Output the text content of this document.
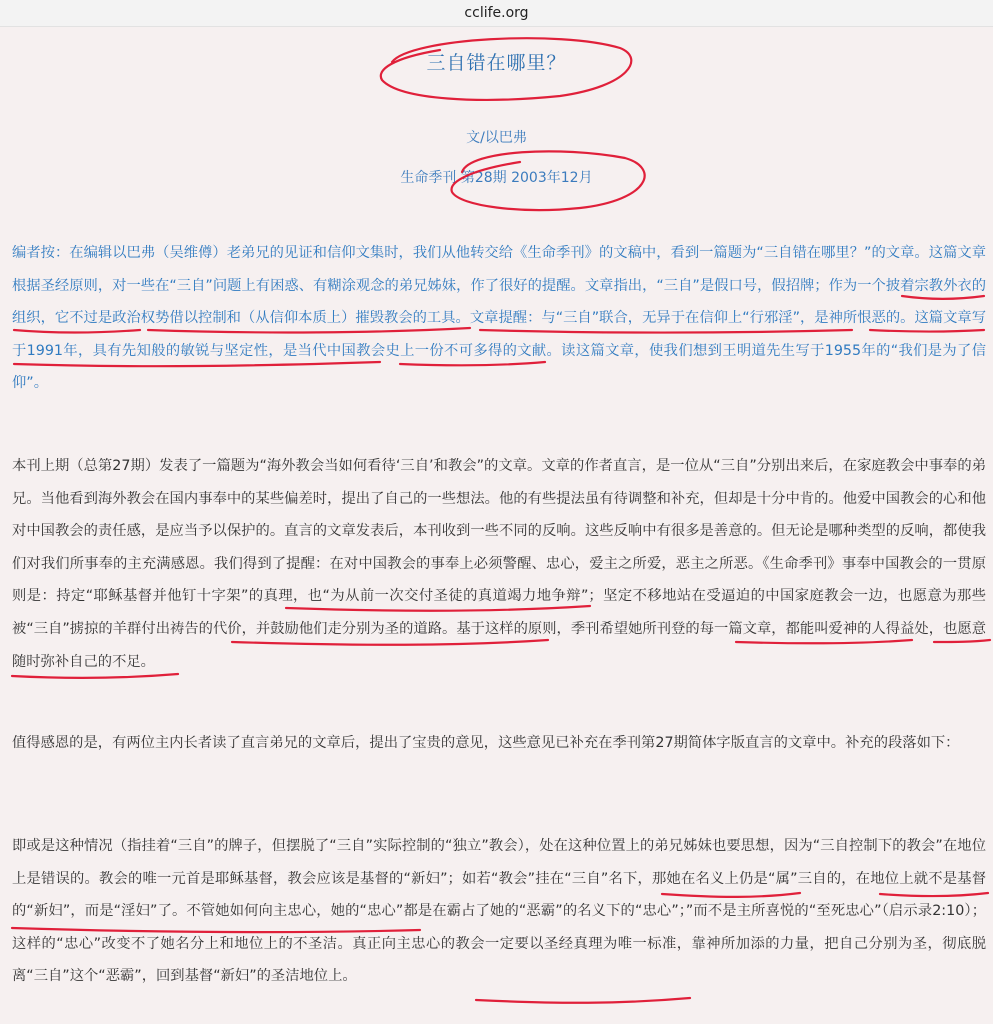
cclife.org
三自错在哪里？
文/以巴弗
生命季刊 第28期 2003年12月

编者按：在编辑以巴弗（吴维僔）老弟兄的见证和信仰文集时，我们从他转交给《生命季刊》的文稿中，看到一篇题为“三自错在哪里？”的文章。这篇文章根据圣经原则，对一些在“三自”问题上有困惑、有糊涂观念的弟兄姊妹，作了很好的提醒。文章指出，“三自”是假口号，假招牌；作为一个披着宗教外衣的组织，它不过是政治权势借以控制和（从信仰本质上）摧毁教会的工具。文章提醒：与“三自”联合，无异于在信仰上“行邪淫”，是神所恨恶的。这篇文章写于1991年，具有先知般的敏锐与坚定性，是当代中国教会史上一份不可多得的文献。读这篇文章，使我们想到王明道先生写于1955年的“我们是为了信仰”。

本刊上期（总第27期）发表了一篇题为“海外教会当如何看待‘三自’和教会”的文章。文章的作者直言，是一位从“三自”分别出来后，在家庭教会中事奉的弟兄。当他看到海外教会在国内事奉中的某些偏差时，提出了自己的一些想法。他的有些提法虽有待调整和补充，但却是十分中肯的。他爱中国教会的心和他对中国教会的责任感，是应当予以保护的。直言的文章发表后，本刊收到一些不同的反响。这些反响中有很多是善意的。但无论是哪种类型的反响，都使我们对我们所事奉的主充满感恩。我们得到了提醒：在对中国教会的事奉上必须警醒、忠心，爱主之所爱，恶主之所恶。《生命季刊》事奉中国教会的一贯原则是：持定“耶稣基督并他钉十字架”的真理，也“为从前一次交付圣徒的真道竭力地争辩”；坚定不移地站在受逼迫的中国家庭教会一边，也愿意为那些被“三自”掳掠的羊群付出祷告的代价，并鼓励他们走分别为圣的道路。基于这样的原则，季刊希望她所刊登的每一篇文章，都能叫爱神的人得益处，也愿意随时弥补自己的不足。

值得感恩的是，有两位主内长者读了直言弟兄的文章后，提出了宝贵的意见，这些意见已补充在季刊第27期简体字版直言的文章中。补充的段落如下：

即或是这种情况（指挂着“三自”的牌子，但摆脱了“三自”实际控制的“独立”教会），处在这种位置上的弟兄姊妹也要思想，因为“三自控制下的教会”在地位上是错误的。教会的唯一元首是耶稣基督，教会应该是基督的“新妇”；如若“教会”挂在“三自”名下，那她在名义上仍是“属”三自的，在地位上就不是基督的“新妇”，而是“淫妇”了。不管她如何向主忠心，她的“忠心”都是在霸占了她的“恶霸”的名义下的“忠心”；”而不是主所喜悦的“至死忠心”（启示录2:10）；这样的“忠心”改变不了她名分上和地位上的不圣洁。真正向主忠心的教会一定要以圣经真理为唯一标准，靠神所加添的力量，把自己分别为圣，彻底脱离“三自”这个“恶霸”，回到基督“新妇”的圣洁地位上。
